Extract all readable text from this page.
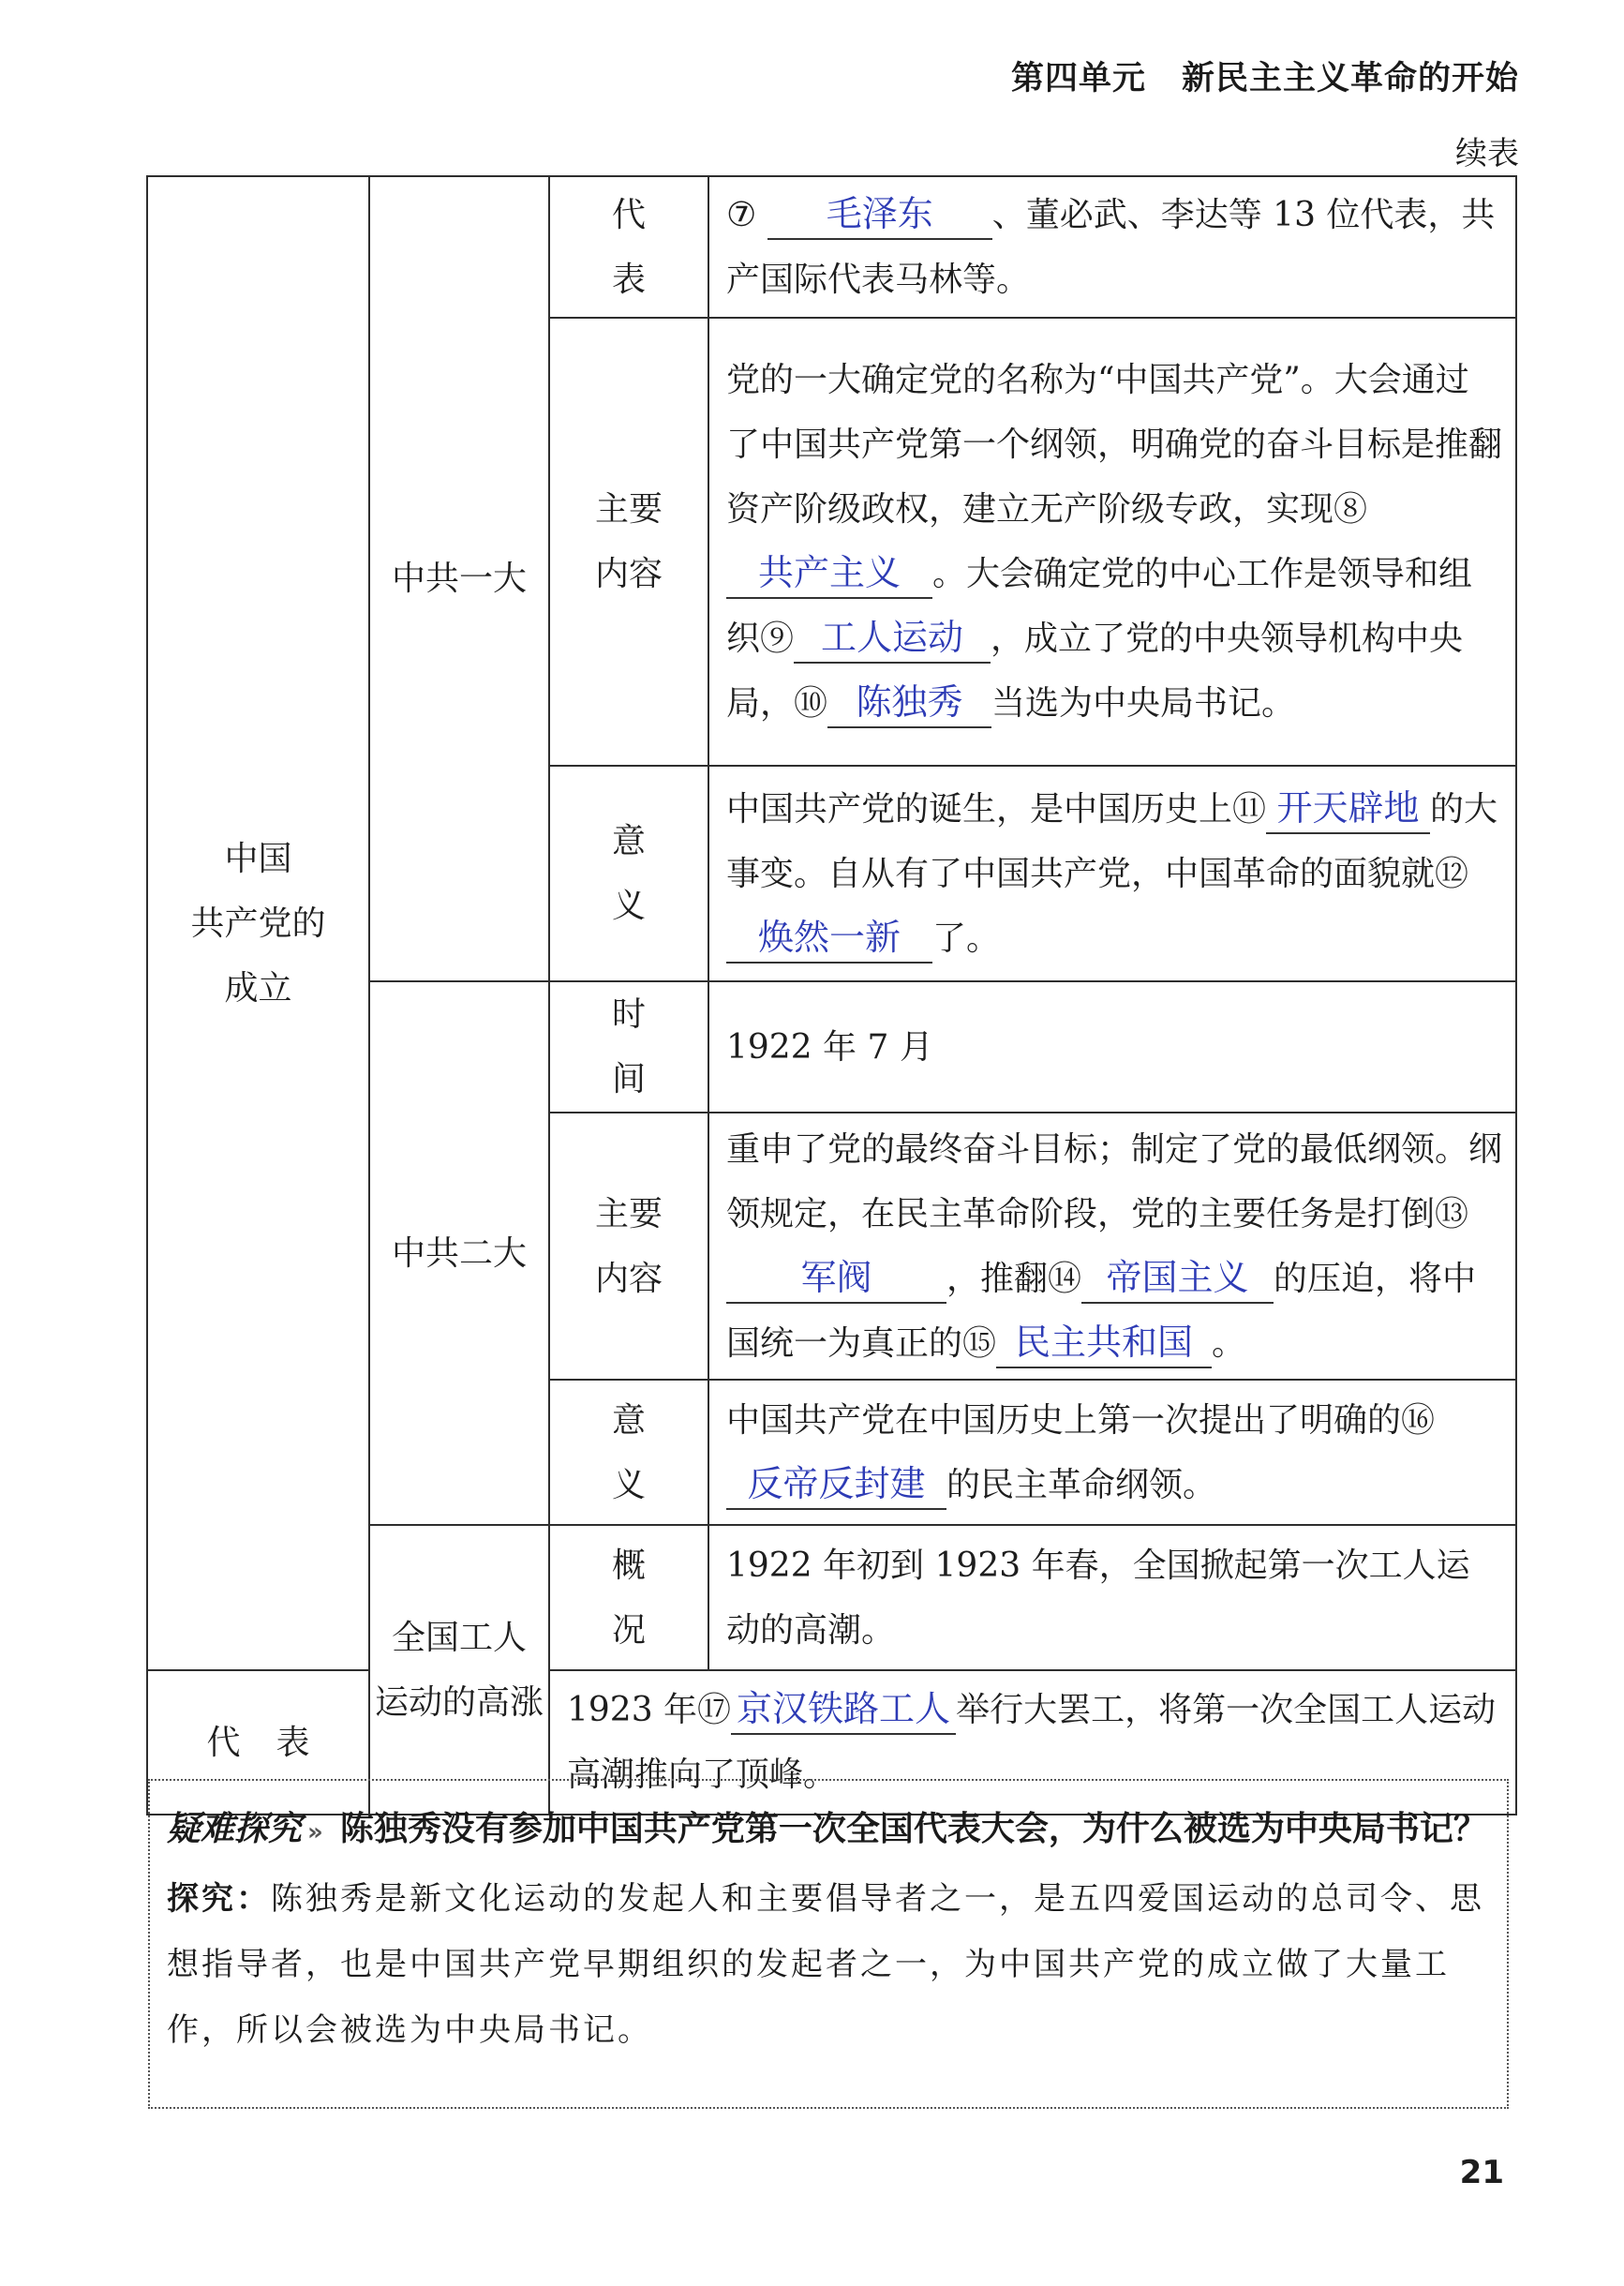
第四单元 新民主主义革命的开始
续表
中国
共产党的
成立	中共一大	代表	⑦ 毛泽东 、董必武、李达等 13 位代表，共产国际代表马林等。

		主要
内容	党的一大确定党的名称为“中国共产党”。大会通过了中国共产党第一个纲领，明确党的奋斗目标是推翻资产阶级政权，建立无产阶级专政，实现⑧共产主义 。大会确定党的中心工作是领导和组织⑨ 工人运动 ，成立了党的中央领导机构中央局，⑩ 陈独秀 当选为中央局书记。
		意义	中国共产党的诞生，是中国历史上⑪ 开天辟地 的大事变。自从有了中国共产党，中国革命的面貌就⑫焕然一新 了。
	中共二大	时间	1922 年 7 月

		主要
内容	重申了党的最终奋斗目标；制定了党的最低纲领。纲领规定，在民主革命阶段，党的主要任务是打倒⑬军阀 ，推翻⑭ 帝国主义 的压迫，将中国统一为真正的⑮ 民主共和国 。
		意义	中国共产党在中国历史上第一次提出了明确的⑯反帝反封建 的民主革命纲领。

	全国工人
运动的高涨	概况	1922 年初到 1923 年春，全国掀起第一次工人运动的高潮。
代表		1923 年⑰ 京汉铁路工人 举行大罢工，将第一次全国工人运动高潮推向了顶峰。	
疑难探究 » 陈独秀没有参加中国共产党第一次全国代表大会，为什么被选为中央局书记？
探究：陈独秀是新文化运动的发起人和主要倡导者之一，是五四爱国运动的总司令、思想指导者，也是中国共产党早期组织的发起者之一，为中国共产党的成立做了大量工作，所以会被选为中央局书记。
21
